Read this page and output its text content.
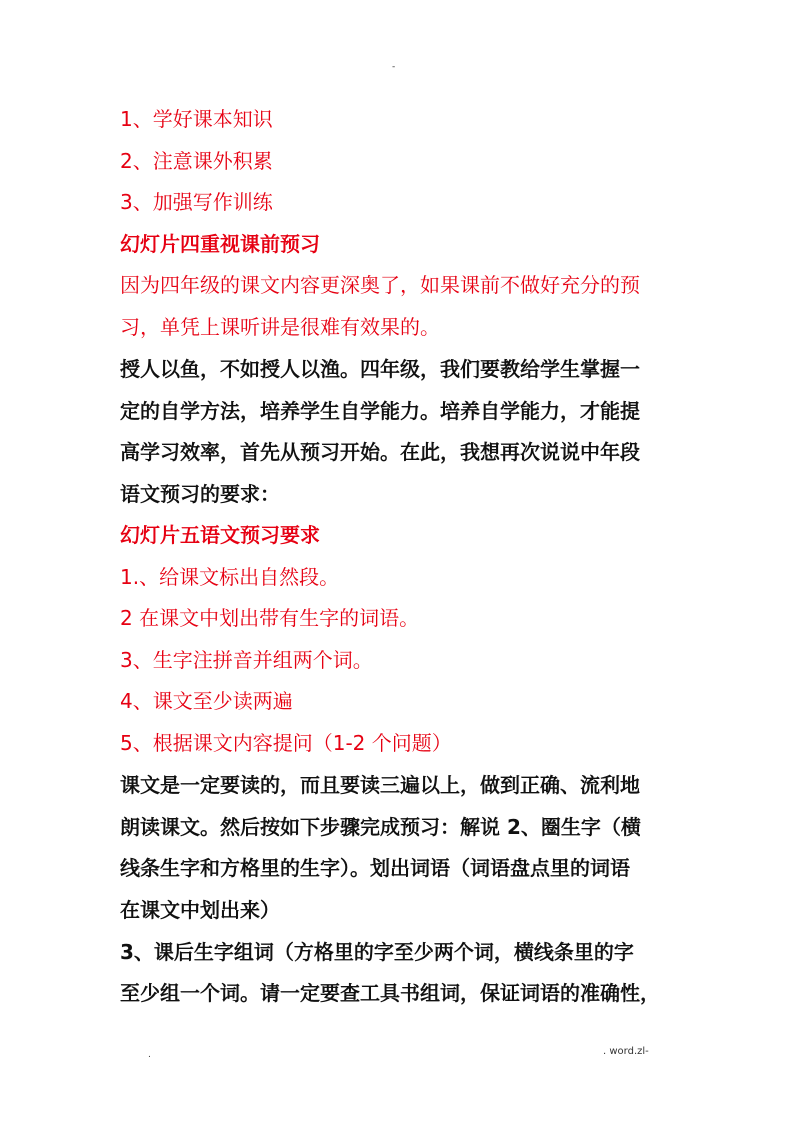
-
1、学好课本知识
2、注意课外积累
3、加强写作训练
幻灯片四重视课前预习
因为四年级的课文内容更深奥了，如果课前不做好充分的预
习，单凭上课听讲是很难有效果的。
授人以鱼，不如授人以渔。四年级，我们要教给学生掌握一
定的自学方法，培养学生自学能力。培养自学能力，才能提
高学习效率，首先从预习开始。在此，我想再次说说中年段
语文预习的要求：
幻灯片五语文预习要求
1.、给课文标出自然段。
2 在课文中划出带有生字的词语。
3、生字注拼音并组两个词。
4、课文至少读两遍
5、根据课文内容提问（1-2 个问题）
课文是一定要读的，而且要读三遍以上，做到正确、流利地
朗读课文。然后按如下步骤完成预习：解说 2、圈生字（横
线条生字和方格里的生字）。划出词语（词语盘点里的词语
在课文中划出来）
3、课后生字组词（方格里的字至少两个词，横线条里的字
至少组一个词。请一定要查工具书组词，保证词语的准确性，
.	. word.zl-
